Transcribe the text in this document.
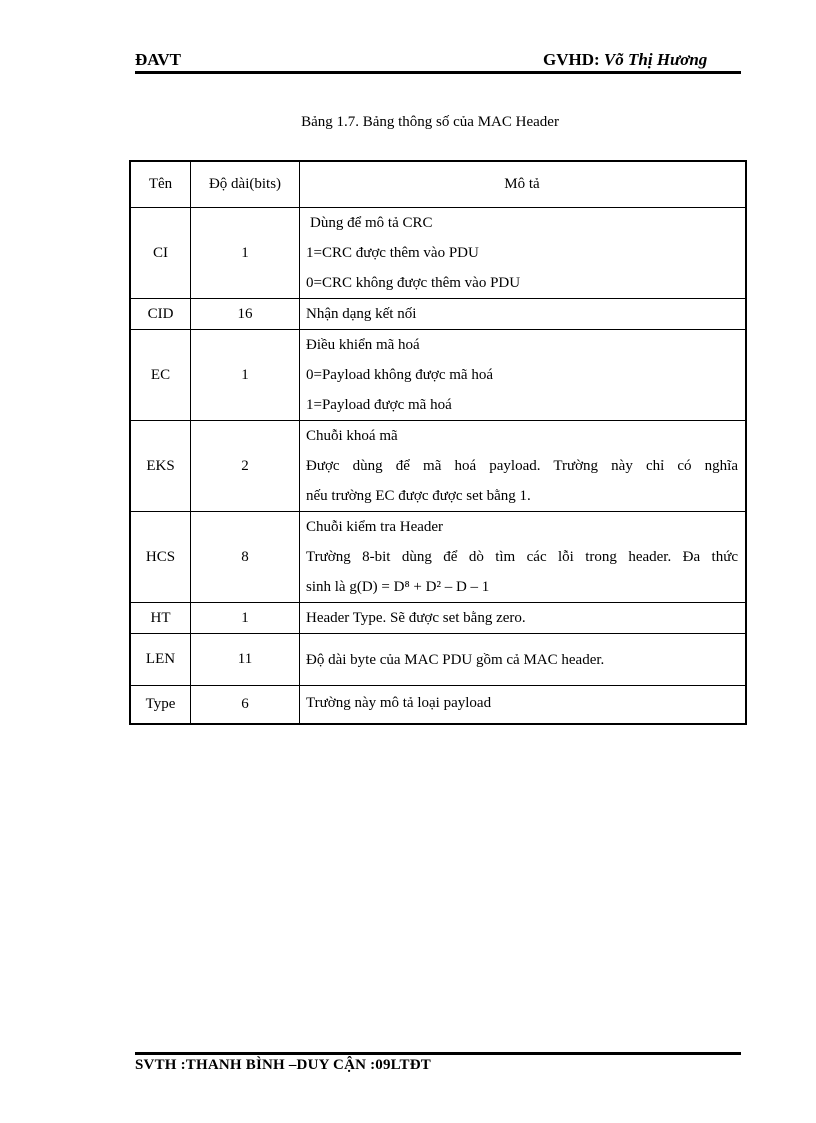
ĐAVT	GVHD: Võ Thị Hương
Bảng 1.7. Bảng thông số của MAC Header
Tên	Độ dài(bits)	Mô tả
CI	1	Dùng để mô tả CRC
1=CRC được thêm vào PDU
0=CRC không được thêm vào PDU

CID	16	Nhận dạng kết nối

EC	1	Điều khiển mã hoá
0=Payload không được mã hoá
1=Payload được mã hoá

EKS	2	Chuỗi khoá mã
Được dùng để mã hoá payload. Trường này chỉ có nghĩa
nếu trường EC được được set bằng 1.

HCS	8	Chuỗi kiểm tra Header
Trường 8-bit dùng để dò tìm các lỗi trong header. Đa thức
sinh là g(D) = D⁸ + D² – D – 1

HT	1	Header Type. Sẽ được set bằng zero.

LEN	11	Độ dài byte của MAC PDU gồm cả MAC header.

Type	6	Trường này mô tả loại payload
SVTH :THANH BÌNH –DUY CẬN :09LTĐT
